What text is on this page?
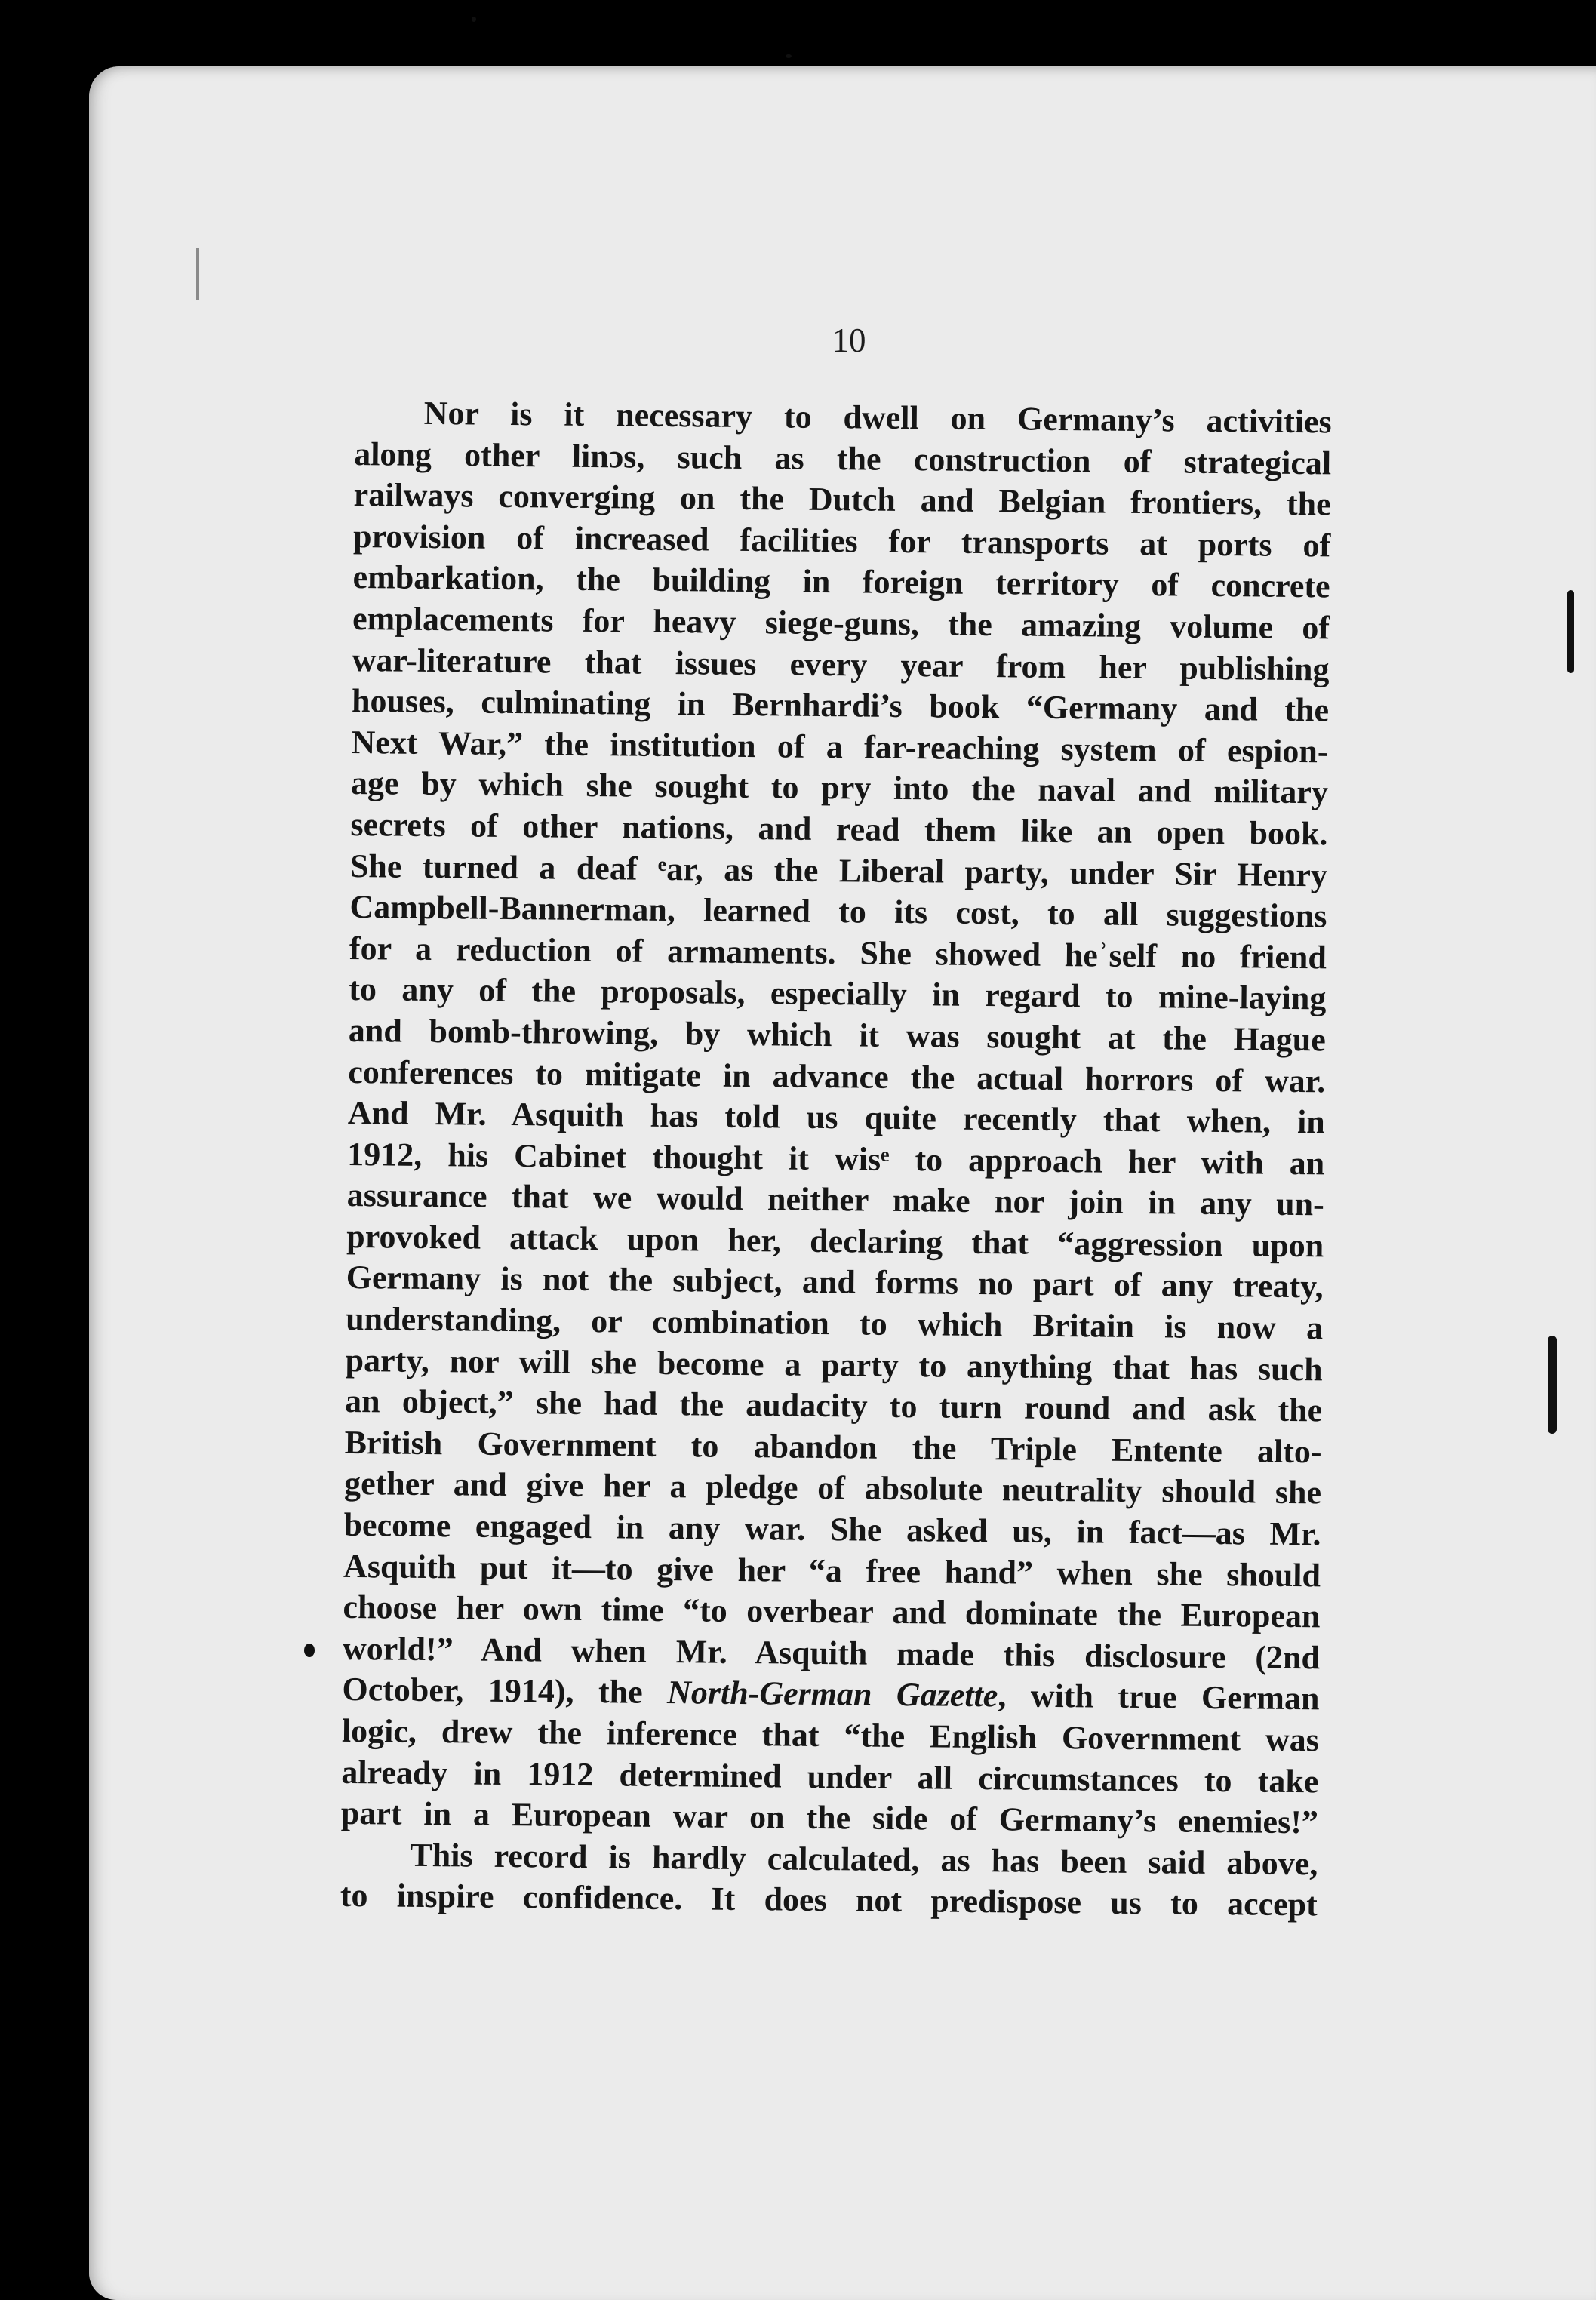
10
Nor is it necessary to dwell on Germany’s activities
along other linɔs, such as the construction of strategical
railways converging on the Dutch and Belgian frontiers, the
provision of increased facilities for transports at ports of
embarkation, the building in foreign territory of concrete
emplacements for heavy siege-guns, the amazing volume of
war-literature that issues every year from her publishing
houses, culminating in Bernhardi’s book “Germany and the
Next War,” the institution of a far-reaching system of espion-
age by which she sought to pry into the naval and military
secrets of other nations, and read them like an open book.
She turned a deaf ᵉar, as the Liberal party, under Sir Henry
Campbell-Bannerman, learned to its cost, to all suggestions
for a reduction of armaments. She showed heʾself no friend
to any of the proposals, especially in regard to mine-laying
and bomb-throwing, by which it was sought at the Hague
conferences to mitigate in advance the actual horrors of war.
And Mr. Asquith has told us quite recently that when, in
1912, his Cabinet thought it wisᵉ to approach her with an
assurance that we would neither make nor join in any un-
provoked attack upon her, declaring that “aggression upon
Germany is not the subject, and forms no part of any treaty,
understanding, or combination to which Britain is now a
party, nor will she become a party to anything that has such
an object,” she had the audacity to turn round and ask the
British Government to abandon the Triple Entente alto-
gether and give her a pledge of absolute neutrality should she
become engaged in any war. She asked us, in fact—as Mr.
Asquith put it—to give her “a free hand” when she should
choose her own time “to overbear and dominate the European
world!” And when Mr. Asquith made this disclosure (2nd
October, 1914), the North-German Gazette, with true German
logic, drew the inference that “the English Government was
already in 1912 determined under all circumstances to take
part in a European war on the side of Germany’s enemies!”
This record is hardly calculated, as has been said above,
to inspire confidence. It does not predispose us to accept
